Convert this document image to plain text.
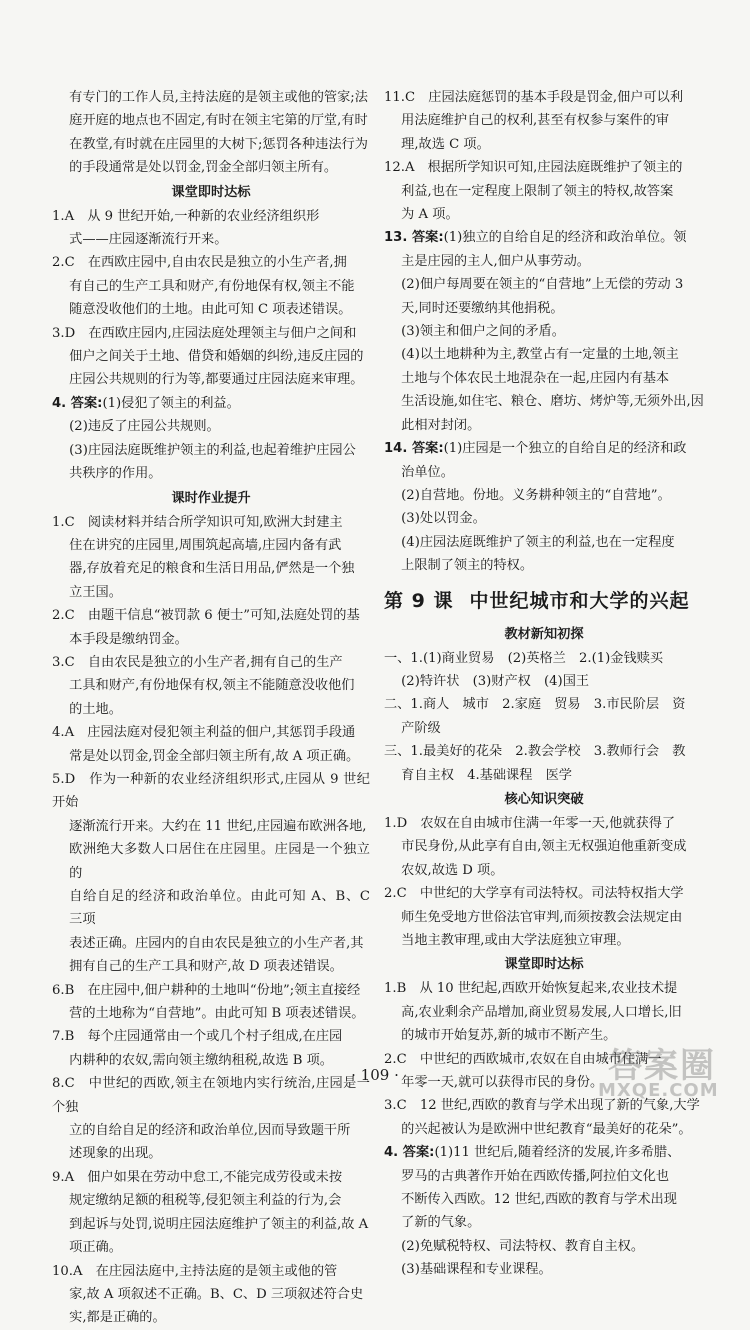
有专门的工作人员,主持法庭的是领主或他的管家;法

庭开庭的地点也不固定,有时在领主宅第的厅堂,有时

在教堂,有时就在庄园里的大树下;惩罚各种违法行为

的手段通常是处以罚金,罚金全部归领主所有。

课堂即时达标

1.A　从 9 世纪开始,一种新的农业经济组织形

式——庄园逐渐流行开来。

2.C　在西欧庄园中,自由农民是独立的小生产者,拥

有自己的生产工具和财产,有份地保有权,领主不能

随意没收他们的土地。由此可知 C 项表述错误。

3.D　在西欧庄园内,庄园法庭处理领主与佃户之间和

佃户之间关于土地、借贷和婚姻的纠纷,违反庄园的

庄园公共规则的行为等,都要通过庄园法庭来审理。

4. 答案:(1)侵犯了领主的利益。

(2)违反了庄园公共规则。

(3)庄园法庭既维护领主的利益,也起着维护庄园公

共秩序的作用。

课时作业提升

1.C　阅读材料并结合所学知识可知,欧洲大封建主

住在讲究的庄园里,周围筑起高墙,庄园内备有武

器,存放着充足的粮食和生活日用品,俨然是一个独

立王国。

2.C　由题干信息“被罚款 6 便士”可知,法庭处罚的基

本手段是缴纳罚金。

3.C　自由农民是独立的小生产者,拥有自己的生产

工具和财产,有份地保有权,领主不能随意没收他们

的土地。

4.A　庄园法庭对侵犯领主利益的佃户,其惩罚手段通

常是处以罚金,罚金全部归领主所有,故 A 项正确。

5.D　作为一种新的农业经济组织形式,庄园从 9 世纪开始

逐渐流行开来。大约在 11 世纪,庄园遍布欧洲各地,

欧洲绝大多数人口居住在庄园里。庄园是一个独立的

自给自足的经济和政治单位。由此可知 A、B、C 三项

表述正确。庄园内的自由农民是独立的小生产者,其

拥有自己的生产工具和财产,故 D 项表述错误。

6.B　在庄园中,佃户耕种的土地叫“份地”;领主直接经

营的土地称为“自营地”。由此可知 B 项表述错误。

7.B　每个庄园通常由一个或几个村子组成,在庄园

内耕种的农奴,需向领主缴纳租税,故选 B 项。

8.C　中世纪的西欧,领主在领地内实行统治,庄园是一个独

立的自给自足的经济和政治单位,因而导致题干所

述现象的出现。

9.A　佃户如果在劳动中怠工,不能完成劳役或未按

规定缴纳足额的租税等,侵犯领主利益的行为,会

到起诉与处罚,说明庄园法庭维护了领主的利益,故 A

项正确。

10.A　在庄园法庭中,主持法庭的是领主或他的管

家,故 A 项叙述不正确。B、C、D 三项叙述符合史

实,都是正确的。

11.C　庄园法庭惩罚的基本手段是罚金,佃户可以利

用法庭维护自己的权利,甚至有权参与案件的审

理,故选 C 项。

12.A　根据所学知识可知,庄园法庭既维护了领主的

利益,也在一定程度上限制了领主的特权,故答案

为 A 项。

13. 答案:(1)独立的自给自足的经济和政治单位。领

主是庄园的主人,佃户从事劳动。

(2)佃户每周要在领主的“自营地”上无偿的劳动 3

天,同时还要缴纳其他捐税。

(3)领主和佃户之间的矛盾。

(4)以土地耕种为主,教堂占有一定量的土地,领主

土地与个体农民土地混杂在一起,庄园内有基本

生活设施,如住宅、粮仓、磨坊、烤炉等,无须外出,因

此相对封闭。

14. 答案:(1)庄园是一个独立的自给自足的经济和政

治单位。

(2)自营地。份地。义务耕种领主的“自营地”。

(3)处以罚金。

(4)庄园法庭既维护了领主的利益,也在一定程度

上限制了领主的特权。

第 9 课 中世纪城市和大学的兴起

教材新知初探

一、1.(1)商业贸易　(2)英格兰　2.(1)金钱赎买

(2)特许状　(3)财产权　(4)国王

二、1.商人　城市　2.家庭　贸易　3.市民阶层　资

产阶级

三、1.最美好的花朵　2.教会学校　3.教师行会　教

育自主权　4.基础课程　医学

核心知识突破

1.D　农奴在自由城市住满一年零一天,他就获得了

市民身份,从此享有自由,领主无权强迫他重新变成

农奴,故选 D 项。

2.C　中世纪的大学享有司法特权。司法特权指大学

师生免受地方世俗法官审判,而须按教会法规定由

当地主教审理,或由大学法庭独立审理。

课堂即时达标

1.B　从 10 世纪起,西欧开始恢复起来,农业技术提

高,农业剩余产品增加,商业贸易发展,人口增长,旧

的城市开始复苏,新的城市不断产生。

2.C　中世纪的西欧城市,农奴在自由城市住满一

年零一天,就可以获得市民的身份。

3.C　12 世纪,西欧的教育与学术出现了新的气象,大学

的兴起被认为是欧洲中世纪教育“最美好的花朵”。

4. 答案:(1)11 世纪后,随着经济的发展,许多希腊、

罗马的古典著作开始在西欧传播,阿拉伯文化也

不断传入西欧。12 世纪,西欧的教育与学术出现

了新的气象。

(2)免赋税特权、司法特权、教育自主权。

(3)基础课程和专业课程。

· 109 ·	答案圈
MXQE.COM
